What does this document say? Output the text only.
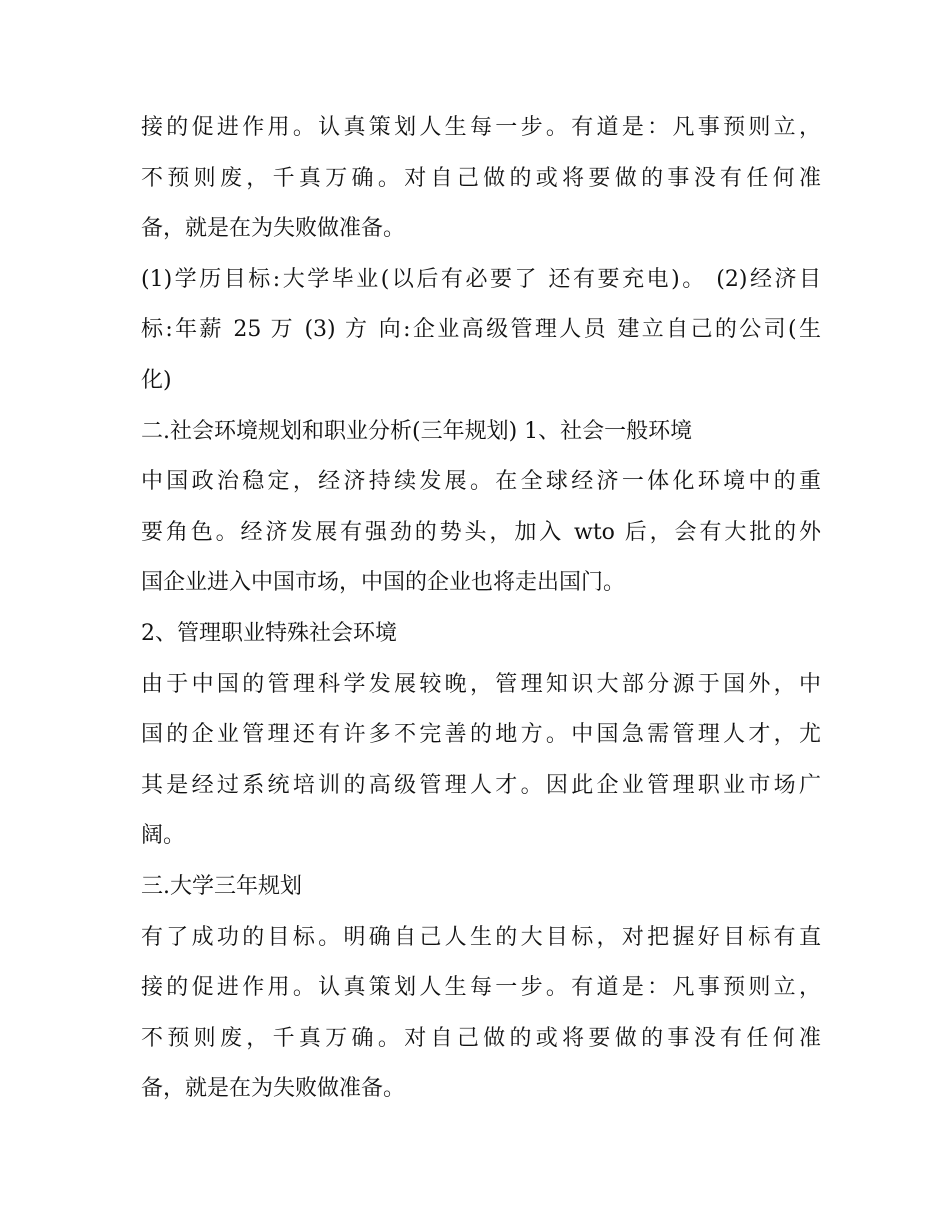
接的促进作用。认真策划人生每一步。有道是：凡事预则立，
不预则废，千真万确。对自己做的或将要做的事没有任何准
备，就是在为失败做准备。
(1)学历目标:大学毕业(以后有必要了 还有要充电)。 (2)经济目
标:年薪 25 万 (3) 方 向:企业高级管理人员 建立自己的公司(生
化)
二.社会环境规划和职业分析(三年规划) 1、社会一般环境
中国政治稳定，经济持续发展。在全球经济一体化环境中的重
要角色。经济发展有强劲的势头，加入 wto 后，会有大批的外
国企业进入中国市场，中国的企业也将走出国门。
2、管理职业特殊社会环境
由于中国的管理科学发展较晚，管理知识大部分源于国外，中
国的企业管理还有许多不完善的地方。中国急需管理人才，尤
其是经过系统培训的高级管理人才。因此企业管理职业市场广
阔。
三.大学三年规划
有了成功的目标。明确自己人生的大目标，对把握好目标有直
接的促进作用。认真策划人生每一步。有道是：凡事预则立，
不预则废，千真万确。对自己做的或将要做的事没有任何准
备，就是在为失败做准备。
